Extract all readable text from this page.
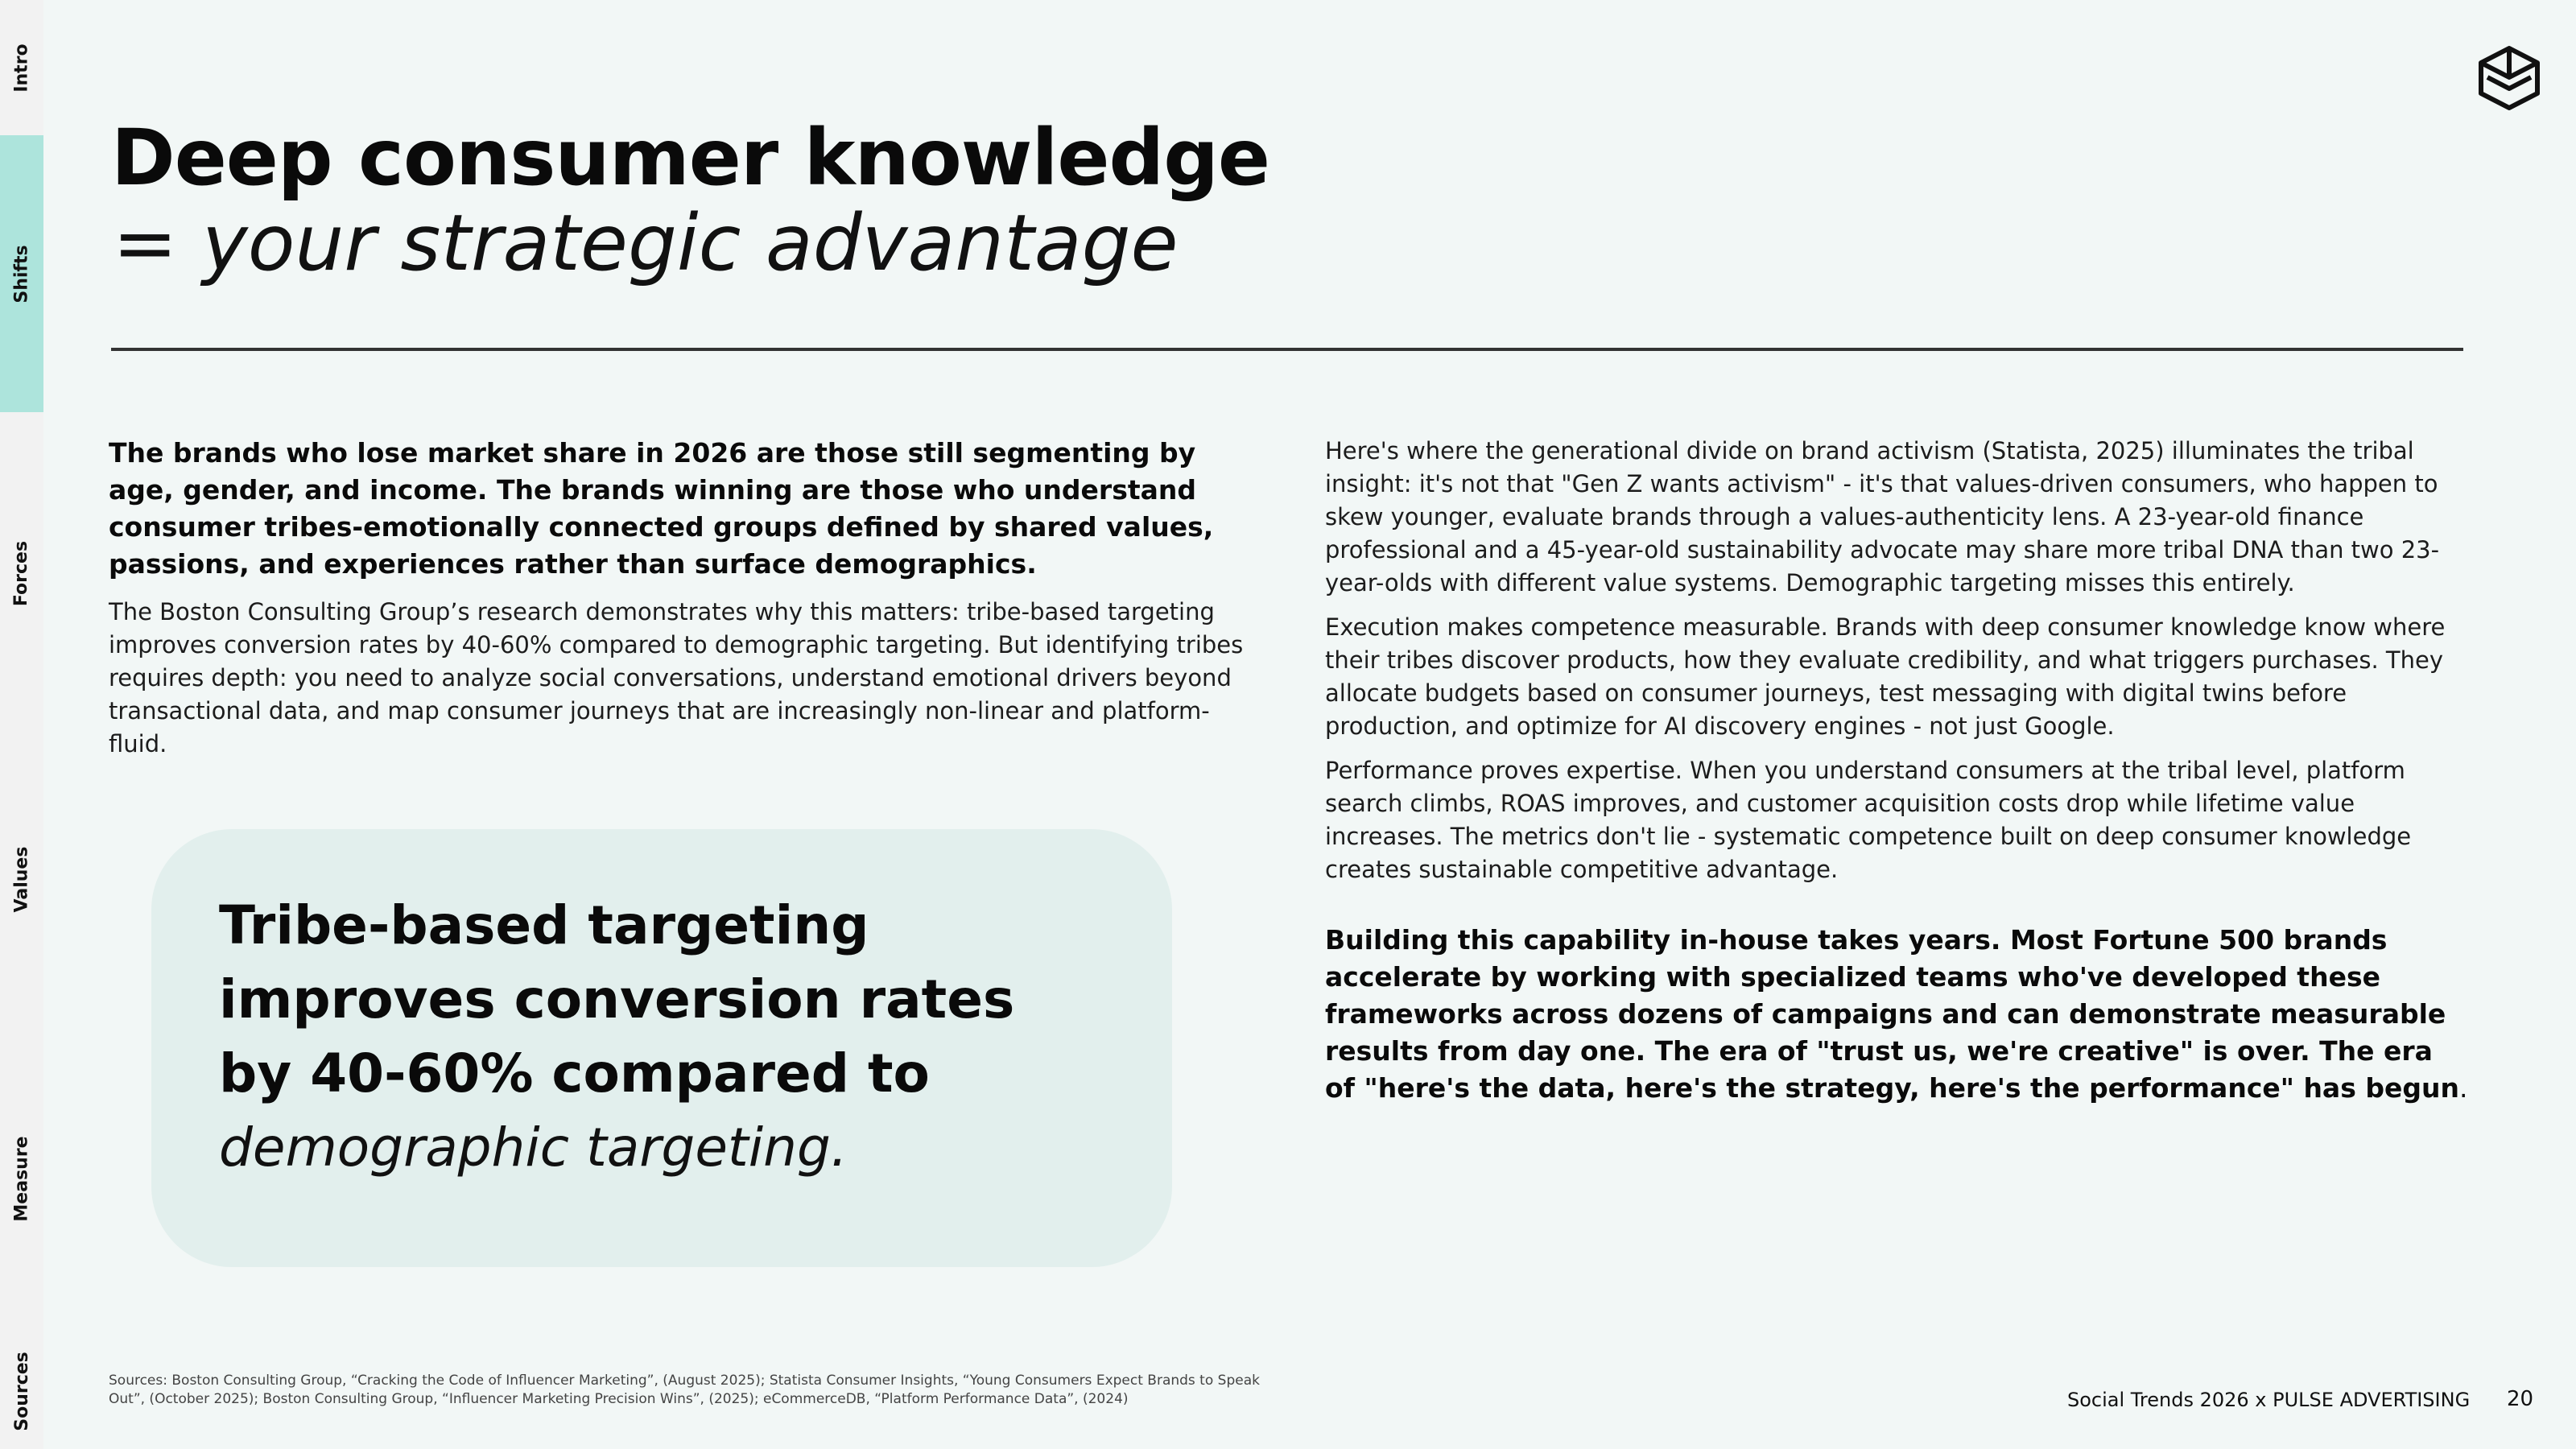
Intro
Shifts
Forces
Values
Measure
Sources
Deep consumer knowledge
= your strategic advantage

The brands who lose market share in 2026 are those still segmenting by age, gender, and income. The brands winning are those who understand consumer tribes-emotionally connected groups defined by shared values, passions, and experiences rather than surface demographics.

The Boston Consulting Group’s research demonstrates why this matters: tribe-based targeting improves conversion rates by 40-60% compared to demographic targeting. But identifying tribes requires depth: you need to analyze social conversations, understand emotional drivers beyond transactional data, and map consumer journeys that are increasingly non-linear and platform-fluid.

Tribe-based targeting improves conversion rates by 40-60% compared to
demographic targeting.

Here's where the generational divide on brand activism (Statista, 2025) illuminates the tribal insight: it's not that "Gen Z wants activism" - it's that values-driven consumers, who happen to skew younger, evaluate brands through a values-authenticity lens. A 23-year-old finance professional and a 45-year-old sustainability advocate may share more tribal DNA than two 23-year-olds with different value systems. Demographic targeting misses this entirely.

Execution makes competence measurable. Brands with deep consumer knowledge know where their tribes discover products, how they evaluate credibility, and what triggers purchases. They allocate budgets based on consumer journeys, test messaging with digital twins before production, and optimize for AI discovery engines - not just Google.

Performance proves expertise. When you understand consumers at the tribal level, platform search climbs, ROAS improves, and customer acquisition costs drop while lifetime value increases. The metrics don't lie - systematic competence built on deep consumer knowledge creates sustainable competitive advantage.

Building this capability in-house takes years. Most Fortune 500 brands accelerate by working with specialized teams who've developed these frameworks across dozens of campaigns and can demonstrate measurable results from day one. The era of "trust us, we're creative" is over. The era of "here's the data, here's the strategy, here's the performance" has begun.

Sources: Boston Consulting Group, “Cracking the Code of Influencer Marketing”, (August 2025); Statista Consumer Insights, “Young Consumers Expect Brands to Speak Out”, (October 2025); Boston Consulting Group, “Influencer Marketing Precision Wins”, (2025); eCommerceDB, “Platform Performance Data”, (2024)	Social Trends 2026 x PULSE ADVERTISING 20
